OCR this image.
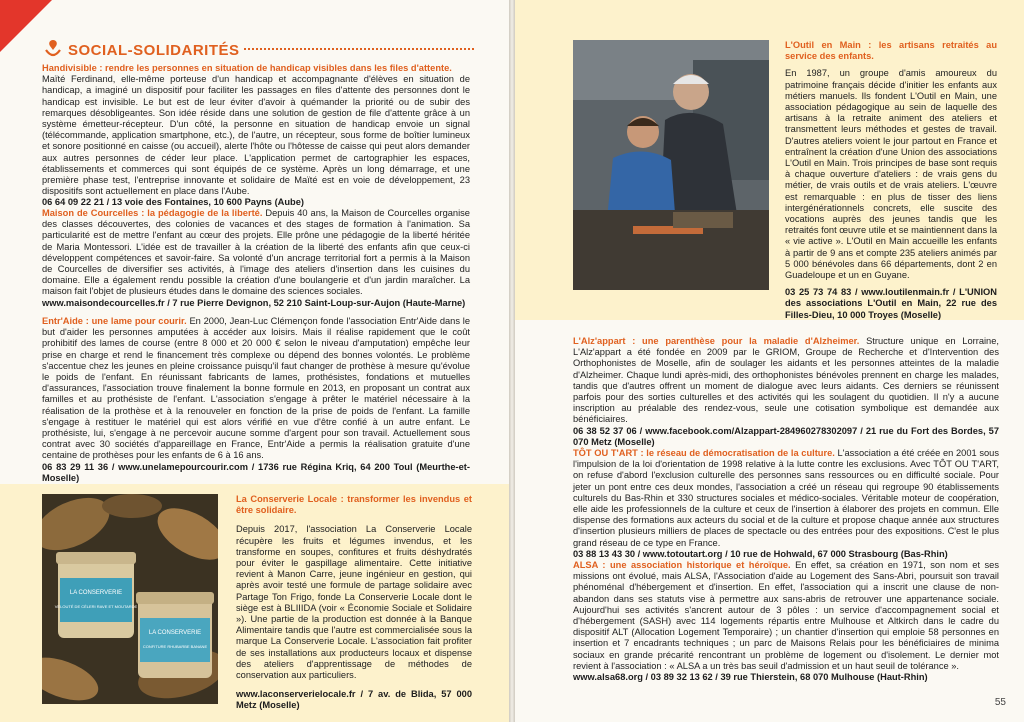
SOCIAL-SOLIDARITÉS

Handivisible : rendre les personnes en situation de handicap visibles dans les files d'attente.

Maïté Ferdinand, elle-même porteuse d'un handicap et accompagnante d'élèves en situation de handicap, a imaginé un dispositif pour faciliter les passages en files d'attente des personnes dont le handicap est invisible. Le but est de leur éviter d'avoir à quémander la priorité ou de subir des remarques désobligeantes. Son idée réside dans une solution de gestion de file d'attente grâce à un système émetteur-récepteur. D'un côté, la personne en situation de handicap envoie un signal (télécommande, application smartphone, etc.), de l'autre, un récepteur, sous forme de boîtier lumineux et sonore positionné en caisse (ou accueil), alerte l'hôte ou l'hôtesse de caisse qui peut alors demander aux autres personnes de céder leur place. L'application permet de cartographier les espaces, établissements et commerces qui sont équipés de ce système. Après un long démarrage, et une première phase test, l'entreprise innovante et solidaire de Maïté est en voie de développement, 23 dispositifs sont actuellement en place dans l'Aube.

06 64 09 22 21 / 13 voie des Fontaines, 10 600 Payns (Aube)

Maison de Courcelles : la pédagogie de la liberté. Depuis 40 ans, la Maison de Courcelles organise des classes découvertes, des colonies de vacances et des stages de formation à l'animation. Sa particularité est de mettre l'enfant au cœur des projets. Elle prône une pédagogie de la liberté héritée de Maria Montessori. L'idée est de travailler à la création de la liberté des enfants afin que ceux-ci développent compétences et savoir-faire. Sa volonté d'un ancrage territorial fort a permis à la Maison de Courcelles de diversifier ses activités, à l'image des ateliers d'insertion dans les cuisines du domaine. Elle a également rendu possible la création d'une boulangerie et d'un jardin maraîcher. La maison fait l'objet de plusieurs études dans le domaine des sciences sociales.

www.maisondecourcelles.fr / 7 rue Pierre Devignon, 52 210 Saint-Loup-sur-Aujon (Haute-Marne)

Entr'Aide : une lame pour courir. En 2000, Jean-Luc Clémençon fonde l'association Entr'Aide dans le but d'aider les personnes amputées à accéder aux loisirs. Mais il réalise rapidement que le coût prohibitif des lames de course (entre 8 000 et 20 000 € selon le niveau d'amputation) empêche leur prise en charge et rend le financement très complexe ou dépend des bonnes volontés. Le problème s'accentue chez les jeunes en pleine croissance puisqu'il faut changer de prothèse à mesure qu'évolue le poids de l'enfant. En réunissant fabricants de lames, prothésistes, fondations et mutuelles d'assurances, l'association trouve finalement la bonne formule en 2013, en proposant un contrat aux familles et au prothésiste de l'enfant. L'association s'engage à prêter le matériel nécessaire à la réalisation de la prothèse et à la renouveler en fonction de la prise de poids de l'enfant. La famille s'engage à restituer le matériel qui est alors vérifié en vue d'être confié à un autre enfant. Le prothésiste, lui, s'engage à ne percevoir aucune somme d'argent pour son travail. Actuellement sous contrat avec 30 sociétés d'appareillage en France, Entr'Aide a permis la réalisation gratuite d'une centaine de prothèses pour les enfants de 6 à 16 ans.

06 83 29 11 36 / www.unelamepourcourir.com / 1736 rue Régina Kriq, 64 200 Toul (Meurthe-et-Moselle)

LA CONSERVERIE
VELOUTÉ DE CÉLERI RAVE ET MOUTARDE
LA CONSERVERIE
CONFITURE RHUBARBE BANANE

La Conserverie Locale : transformer les invendus et être solidaire.

Depuis 2017, l'association La Conserverie Locale récupère les fruits et légumes invendus, et les transforme en soupes, confitures et fruits déshydratés pour éviter le gaspillage alimentaire. Cette initiative revient à Manon Carre, jeune ingénieur en gestion, qui après avoir testé une formule de partage solidaire avec Partage Ton Frigo, fonde La Conserverie Locale dont le siège est à BLIIIDA (voir « Économie Sociale et Solidaire »). Une partie de la production est donnée à la Banque Alimentaire tandis que l'autre est commercialisée sous la marque La Conserverie Locale. L'association fait profiter de ses installations aux producteurs locaux et dispense des ateliers d'apprentissage de méthodes de conservation aux particuliers.

www.laconserverielocale.fr / 7 av. de Blida, 57 000 Metz (Moselle)

L'Outil en Main : les artisans retraités au service des enfants.

En 1987, un groupe d'amis amoureux du patrimoine français décide d'initier les enfants aux métiers manuels. Ils fondent L'Outil en Main, une association pédagogique au sein de laquelle des artisans à la retraite animent des ateliers et transmettent leurs méthodes et gestes de travail. D'autres ateliers voient le jour partout en France et entraînent la création d'une Union des associations L'Outil en Main. Trois principes de base sont requis à chaque ouverture d'ateliers : de vrais gens du métier, de vrais outils et de vrais ateliers. L'œuvre est remarquable : en plus de tisser des liens intergénérationnels concrets, elle suscite des vocations auprès des jeunes tandis que les retraités font œuvre utile et se maintiennent dans la « vie active ». L'Outil en Main accueille les enfants à partir de 9 ans et compte 235 ateliers animés par 5 000 bénévoles dans 66 départements, dont 2 en Guadeloupe et un en Guyane.

03 25 73 74 83 / www.loutilenmain.fr / L'UNION des associations L'Outil en Main, 22 rue des Filles-Dieu, 10 000 Troyes (Moselle)

L'Alz'appart : une parenthèse pour la maladie d'Alzheimer. Structure unique en Lorraine, L'Alz'appart a été fondée en 2009 par le GRIOM, Groupe de Recherche et d'Intervention des Orthophonistes de Moselle, afin de soulager les aidants et les personnes atteintes de la maladie d'Alzheimer. Chaque lundi après-midi, des orthophonistes bénévoles prennent en charge les malades, tandis que d'autres offrent un moment de dialogue avec leurs aidants. Ces derniers se réunissent parfois pour des sorties culturelles et des activités qui les soulagent du quotidien. Il n'y a aucune inscription au préalable des rendez-vous, seule une cotisation symbolique est demandée aux bénéficiaires.

06 38 52 37 06 / www.facebook.com/Alzappart-284960278302097 / 21 rue du Fort des Bordes, 57 070 Metz (Moselle)

TÔT OU T'ART : le réseau de démocratisation de la culture. L'association a été créée en 2001 sous l'impulsion de la loi d'orientation de 1998 relative à la lutte contre les exclusions. Avec TÔT OU T'ART, on refuse d'abord l'exclusion culturelle des personnes sans ressources ou en difficulté sociale. Pour jeter un pont entre ces deux mondes, l'association a créé un réseau qui regroupe 90 établissements culturels du Bas-Rhin et 330 structures sociales et médico-sociales. Véritable moteur de coopération, elle aide les professionnels de la culture et ceux de l'insertion à élaborer des projets en commun. Elle dispense des formations aux acteurs du social et de la culture et propose chaque année aux structures d'insertion plusieurs milliers de places de spectacle ou des entrées pour des expositions. C'est le plus grand réseau de ce type en France.

03 88 13 43 30 / www.totoutart.org / 10 rue de Hohwald, 67 000 Strasbourg (Bas-Rhin)

ALSA : une association historique et héroïque. En effet, sa création en 1971, son nom et ses missions ont évolué, mais ALSA, l'Association d'aide au Logement des Sans-Abri, poursuit son travail phénoménal d'hébergement et d'insertion. En effet, l'association qui a inscrit une clause de non-abandon dans ses statuts vise à permettre aux sans-abris de retrouver une appartenance sociale. Aujourd'hui ses activités s'ancrent autour de 3 pôles : un service d'accompagnement social et d'hébergement (SASH) avec 114 logements répartis entre Mulhouse et Altkirch dans le cadre du dispositif ALT (Allocation Logement Temporaire) ; un chantier d'insertion qui emploie 58 personnes en insertion et 7 encadrants techniques ; un parc de Maisons Relais pour les bénéficiaires de minima sociaux en grande précarité rencontrant un problème de logement ou d'isolement. Le dernier mot revient à l'association : « ALSA a un très bas seuil d'admission et un haut seuil de tolérance ».

www.alsa68.org / 03 89 32 13 62 / 39 rue Thierstein, 68 070 Mulhouse (Haut-Rhin)

55
